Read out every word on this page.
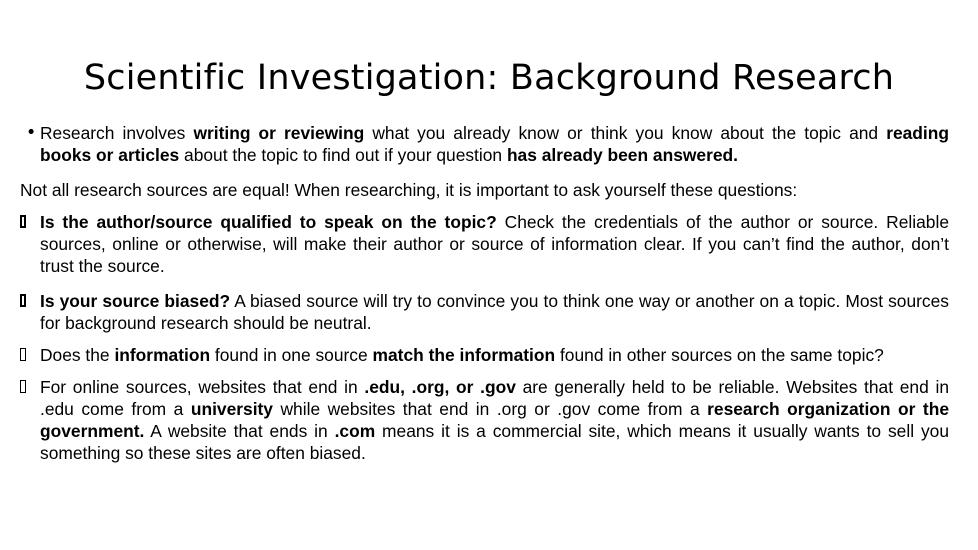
Scientific Investigation: Background Research

• Research involves writing or reviewing what you already know or think you know about the topic and reading books or articles about the topic to find out if your question has already been answered.

Not all research sources are equal! When researching, it is important to ask yourself these questions:

Is the author/source qualified to speak on the topic? Check the credentials of the author or source. Reliable sources, online or otherwise, will make their author or source of information clear. If you can’t find the author, don’t trust the source.

Is your source biased? A biased source will try to convince you to think one way or another on a topic. Most sources for background research should be neutral.

Does the information found in one source match the information found in other sources on the same topic?

For online sources, websites that end in .edu, .org, or .gov are generally held to be reliable. Websites that end in .edu come from a university while websites that end in .org or .gov come from a research organization or the government. A website that ends in .com means it is a commercial site, which means it usually wants to sell you something so these sites are often biased.
